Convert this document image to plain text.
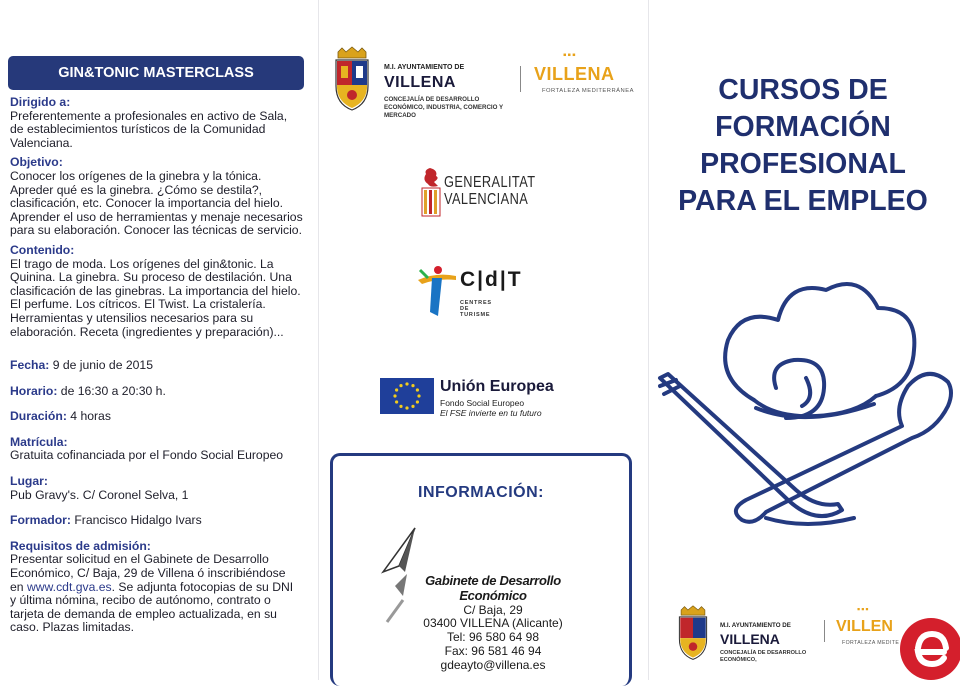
GIN&TONIC MASTERCLASS

Dirigido a:

Preferentemente a profesionales en activo de Sala,
de establecimientos turísticos de la Comunidad
Valenciana.

Objetivo:

Conocer los orígenes de la ginebra y la tónica.
Apreder qué es la ginebra. ¿Cómo se destila?,
clasificación, etc. Conocer la importancia del hielo.
Aprender el uso de herramientas y menaje necesarios
para su elaboración. Conocer las técnicas de servicio.

Contenido:

El trago de moda. Los orígenes del gin&tonic. La
Quinina. La ginebra. Su proceso de destilación. Una
clasificación de las ginebras. La importancia del hielo.
El perfume. Los cítricos. El Twist. La cristalería.
Herramientas y utensilios necesarios para su
elaboración. Receta (ingredientes y preparación)...

Fecha: 9 de junio de 2015

Horario: de 16:30 a 20:30 h.

Duración: 4 horas

Matrícula:

Gratuita cofinanciada por el Fondo Social Europeo

Lugar:

Pub Gravy's. C/ Coronel Selva, 1

Formador: Francisco Hidalgo Ivars

Requisitos de admisión:

Presentar solicitud en el Gabinete de Desarrollo
Económico, C/ Baja, 29 de Villena ó inscribiéndose
en www.cdt.gva.es. Se adjunta fotocopias de su DNI
y última nómina, recibo de autónomo, contrato o
tarjeta de demanda de empleo actualizada, en su
caso. Plazas limitadas.

M.I. AYUNTAMIENTO DE
VILLENA
CONCEJALÍA DE DESARROLLO ECONÓMICO, INDUSTRIA, COMERCIO Y MERCADO
▪▪▪
VILLENA
FORTALEZA MEDITERRÁNEA
GENERALITAT
VALENCIANA
C|d|T
CENTRES DE TURISME
Unión Europea
Fondo Social Europeo
El FSE invierte en tu futuro
INFORMACIÓN:
Gabinete de Desarrollo Económico
C/ Baja, 29
03400 VILLENA (Alicante)
Tel: 96 580 64 98
Fax: 96 581 46 94
gdeayto@villena.es
CURSOS DE
FORMACIÓN
PROFESIONAL
PARA EL EMPLEO
M.I. AYUNTAMIENTO DE
VILLENA
CONCEJALÍA DE DESARROLLO ECONÓMICO,
▪▪▪
VILLEN
FORTALEZA MEDITE
